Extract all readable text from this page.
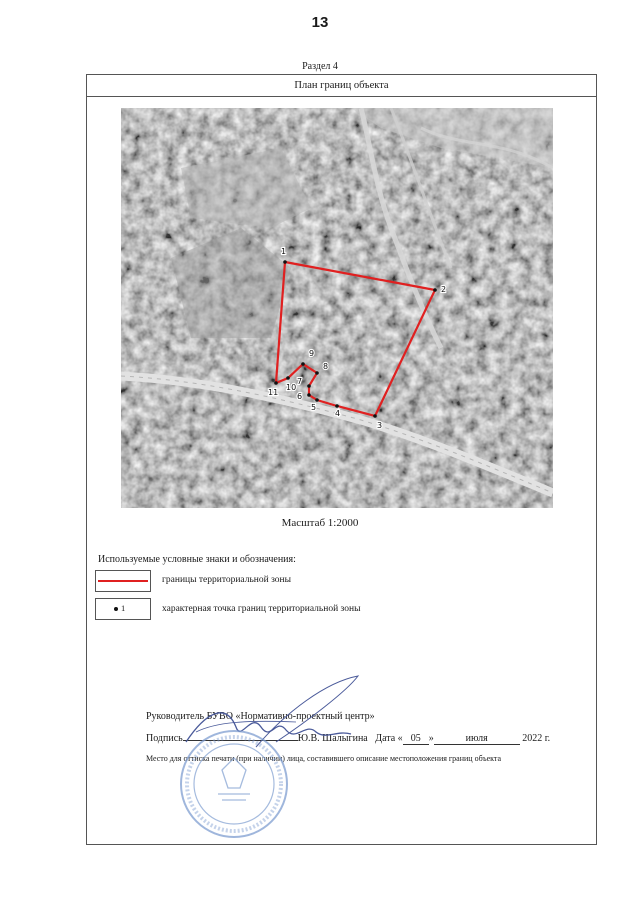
13
Раздел 4
План границ объекта
1
2
3
4
5
6
7
8
9
10
11
Масштаб 1:2000
Используемые условные знаки и обозначения:
границы территориальной зоны
1	характерная точка границ территориальной зоны
Руководитель БУВО «Нормативно-проектный центр»
Подпись	Ю.В. Шалыгина Дата « 05 »	июля	2022 г.
Место для оттиска печати (при наличии) лица, составившего описание местоположения границ объекта
